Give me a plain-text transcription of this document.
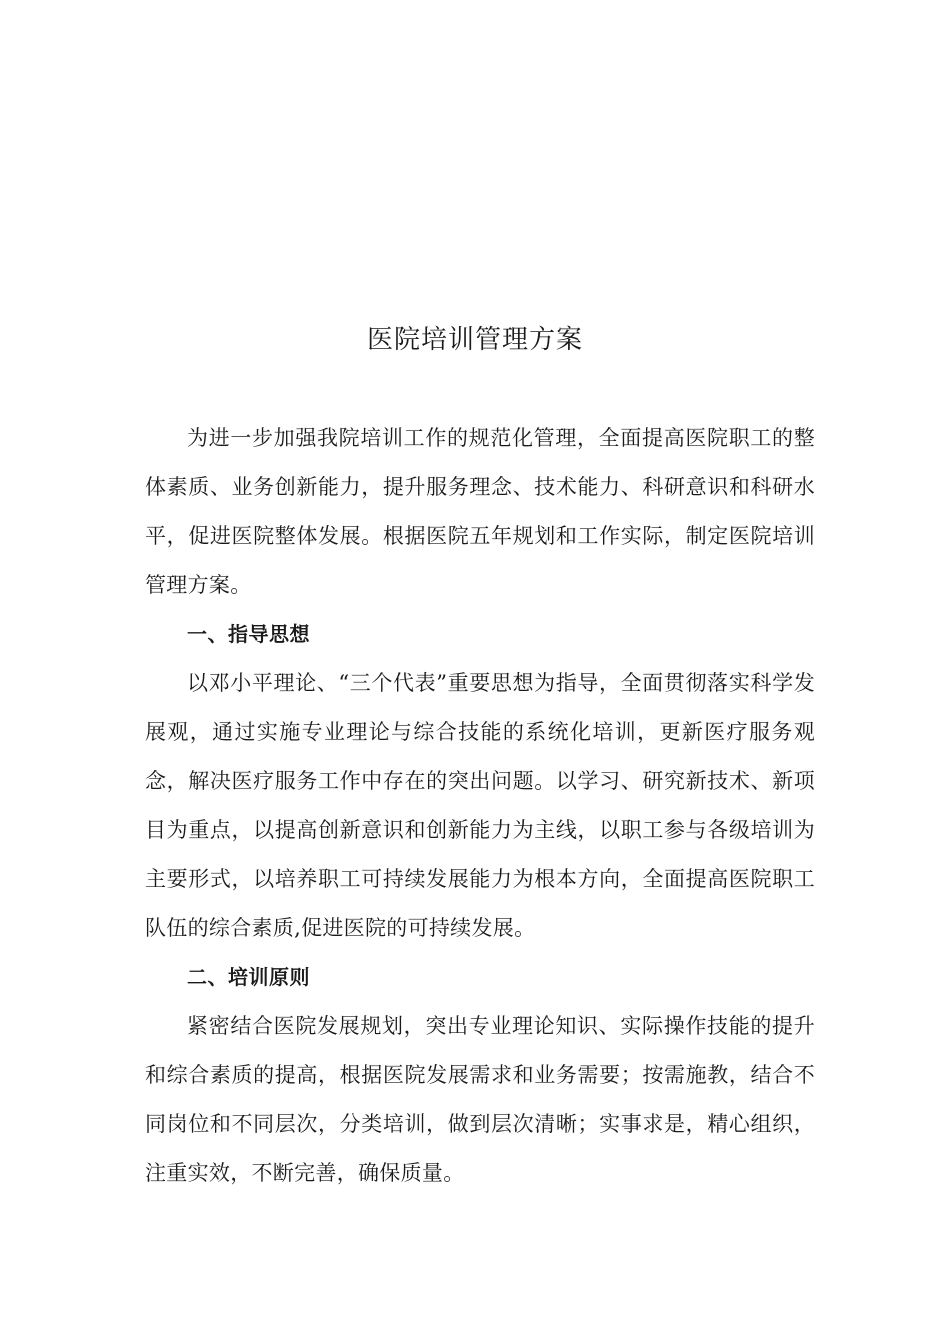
医院培训管理方案

为进一步加强我院培训工作的规范化管理，全面提高医院职工的整体素质、业务创新能力，提升服务理念、技术能力、科研意识和科研水平，促进医院整体发展。根据医院五年规划和工作实际，制定医院培训管理方案。

一、指导思想

以邓小平理论、“三个代表”重要思想为指导，全面贯彻落实科学发展观，通过实施专业理论与综合技能的系统化培训，更新医疗服务观念，解决医疗服务工作中存在的突出问题。以学习、研究新技术、新项目为重点，以提高创新意识和创新能力为主线，以职工参与各级培训为主要形式，以培养职工可持续发展能力为根本方向，全面提高医院职工队伍的综合素质,促进医院的可持续发展。

二、培训原则

紧密结合医院发展规划，突出专业理论知识、实际操作技能的提升和综合素质的提高，根据医院发展需求和业务需要；按需施教，结合不同岗位和不同层次，分类培训，做到层次清晰；实事求是，精心组织，注重实效，不断完善，确保质量。
